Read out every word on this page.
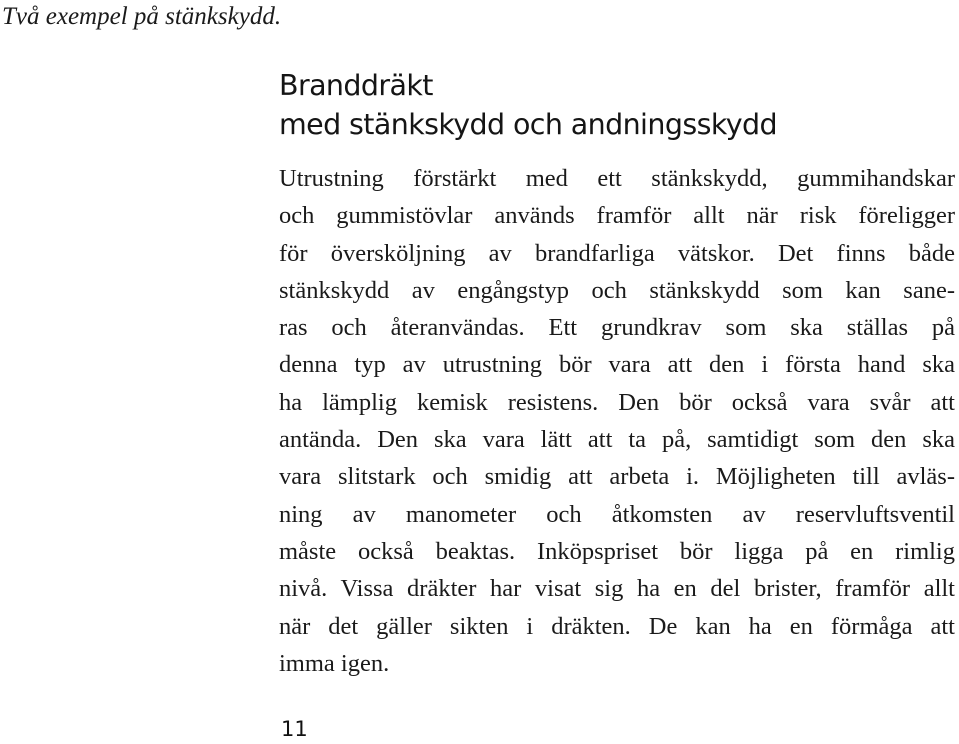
Två exempel på stänkskydd.

Branddräkt
med stänkskydd och andningsskydd

Utrustning förstärkt med ett stänkskydd, gummihandskar
och gummistövlar används framför allt när risk föreligger
för översköljning av brandfarliga vätskor. Det finns både
stänkskydd av engångstyp och stänkskydd som kan sane-
ras och återanvändas. Ett grundkrav som ska ställas på
denna typ av utrustning bör vara att den i första hand ska
ha lämplig kemisk resistens. Den bör också vara svår att
antända. Den ska vara lätt att ta på, samtidigt som den ska
vara slitstark och smidig att arbeta i. Möjligheten till avläs-
ning av manometer och åtkomsten av reservluftsventil
måste också beaktas. Inköpspriset bör ligga på en rimlig
nivå. Vissa dräkter har visat sig ha en del brister, framför allt
när det gäller sikten i dräkten. De kan ha en förmåga att
imma igen.

11
